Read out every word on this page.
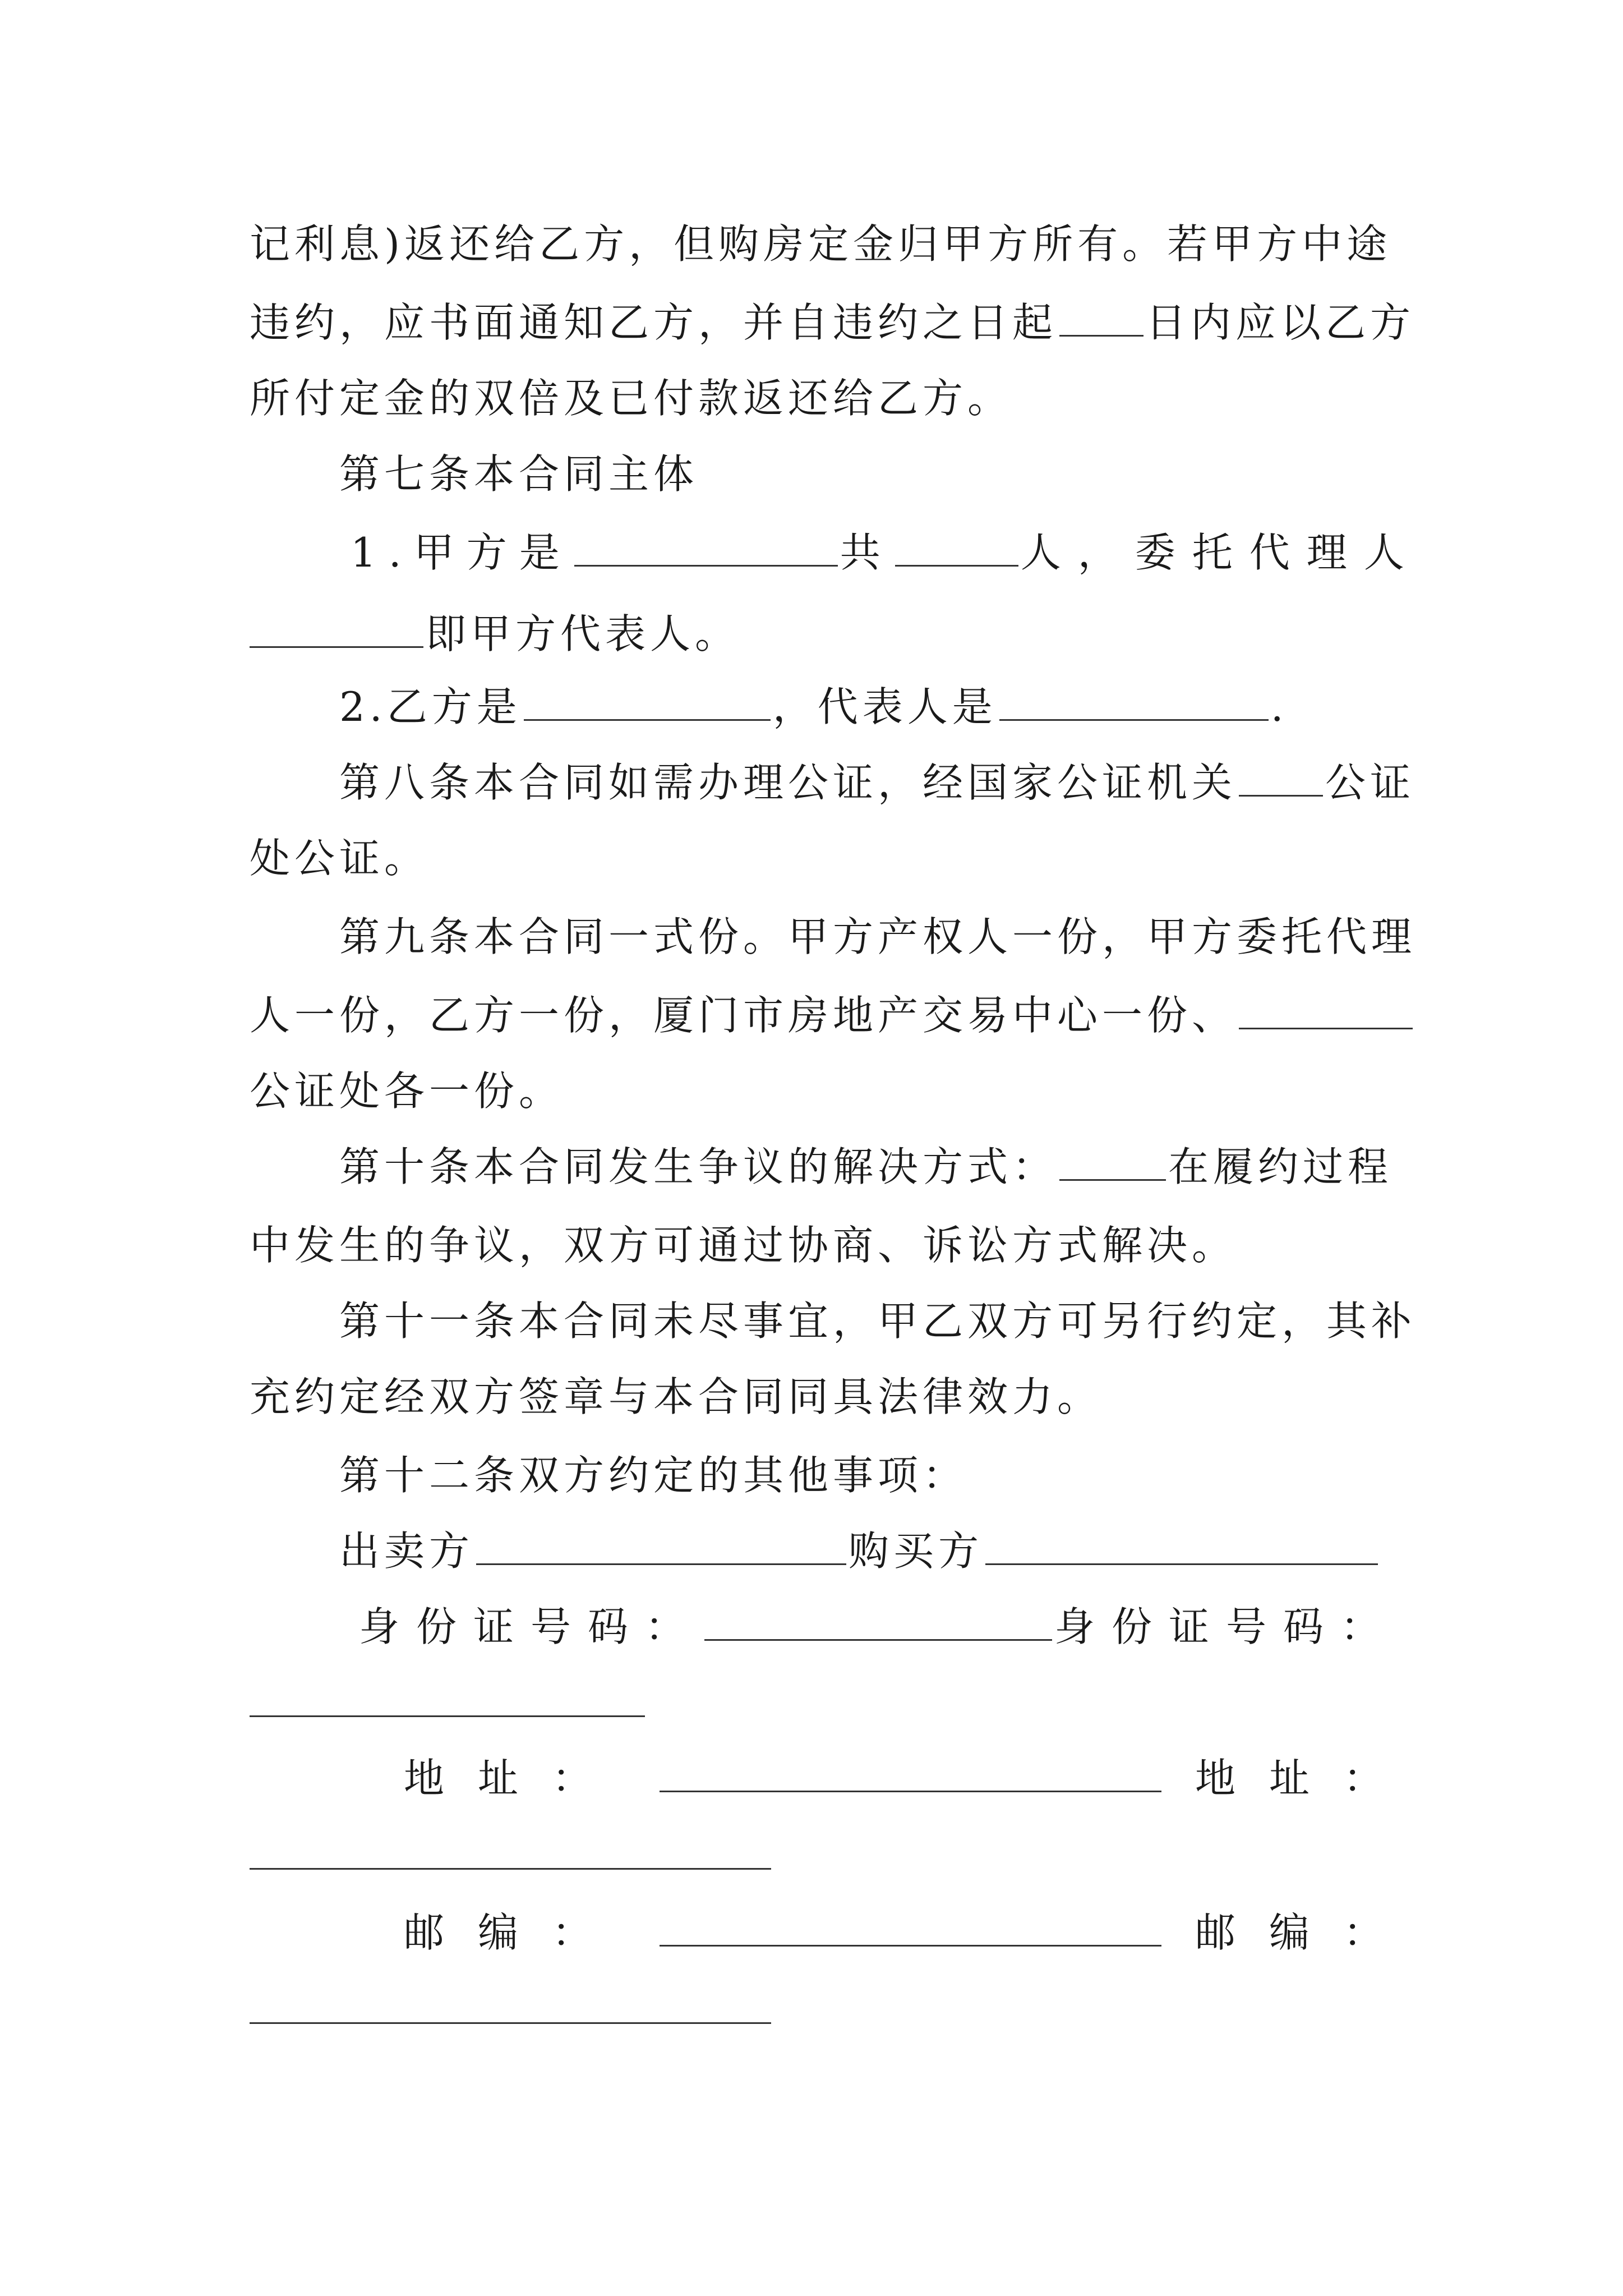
记利息)返还给乙方，但购房定金归甲方所有。若甲方中途
违约，应书面通知乙方，并自违约之日起 日内应以乙方
所付定金的双倍及已付款返还给乙方。
第七条本合同主体
1.甲方是	共	人，委托代理人
即甲方代表人。
2.乙方是	，代表人是	.
第八条本合同如需办理公证，经国家公证机关 公证
处公证。
第九条本合同一式份。甲方产权人一份，甲方委托代理
人一份，乙方一份，厦门市房地产交易中心一份、
公证处各一份。
第十条本合同发生争议的解决方式：	在履约过程
中发生的争议，双方可通过协商、诉讼方式解决。
第十一条本合同未尽事宜，甲乙双方可另行约定，其补
充约定经双方签章与本合同同具法律效力。
第十二条双方约定的其他事项：
出卖方	购买方
身份证号码：	身份证号码：
地址：	地址：
邮编：	邮编：
